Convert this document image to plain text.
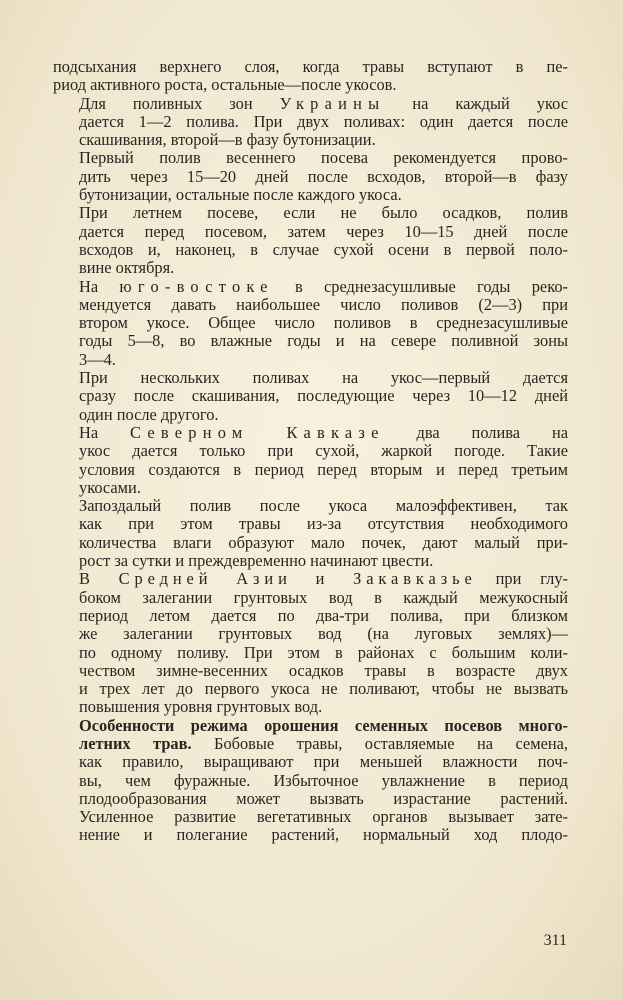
подсыхания верхнего слоя, когда травы вступают в пе-
риод активного роста, остальные—после укосов.

Для поливных зон Украины на каждый укос
дается 1—2 полива. При двух поливах: один дается после
скашивания, второй—в фазу бутонизации.

Первый полив весеннего посева рекомендуется прово-
дить через 15—20 дней после всходов, второй—в фазу
бутонизации, остальные после каждого укоса.

При летнем посеве, если не было осадков, полив
дается перед посевом, затем через 10—15 дней после
всходов и, наконец, в случае сухой осени в первой поло-
вине октября.

На юго-востоке в среднезасушливые годы реко-
мендуется давать наибольшее число поливов (2—3) при
втором укосе. Общее число поливов в среднезасушливые
годы 5—8, во влажные годы и на севере поливной зоны
3—4.

При нескольких поливах на укос—первый дается
сразу после скашивания, последующие через 10—12 дней
один после другого.

На Северном Кавказе два полива на
укос дается только при сухой, жаркой погоде. Такие
условия создаются в период перед вторым и перед третьим
укосами.

Запоздалый полив после укоса малоэффективен, так
как при этом травы из-за отсутствия необходимого
количества влаги образуют мало почек, дают малый при-
рост за сутки и преждевременно начинают цвести.

В Средней Азии и Закавказье при глу-
боком залегании грунтовых вод в каждый межукосный
период летом дается по два-три полива, при близком
же залегании грунтовых вод (на луговых землях)—
по одному поливу. При этом в районах с большим коли-
чеством зимне-весенних осадков травы в возрасте двух
и трех лет до первого укоса не поливают, чтобы не вызвать
повышения уровня грунтовых вод.

Особенности режима орошения семенных посевов много-
летних трав. Бобовые травы, оставляемые на семена,
как правило, выращивают при меньшей влажности поч-
вы, чем фуражные. Избыточное увлажнение в период
плодообразования может вызвать израстание растений.
Усиленное развитие вегетативных органов вызывает зате-
нение и полегание растений, нормальный ход плодо-

311
